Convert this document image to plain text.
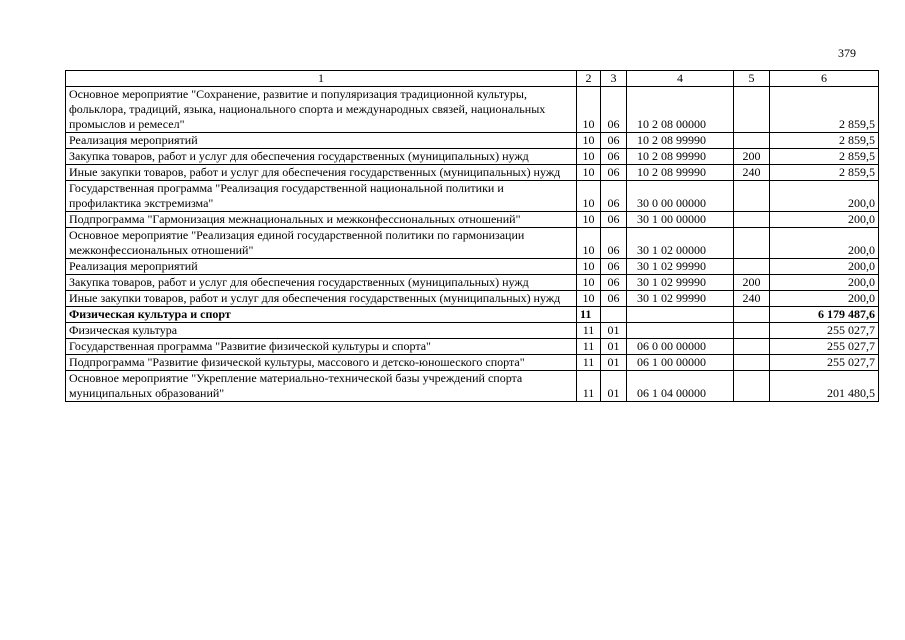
379
1	2	3	4	5	6
Основное мероприятие "Сохранение, развитие и популяризация традиционной культуры, фольклора, традиций, языка, национального спорта и международных связей, национальных промыслов и ремесел"	10	06	10 2 08 00000		2 859,5
Реализация мероприятий	10	06	10 2 08 99990		2 859,5
Закупка товаров, работ и услуг для обеспечения государственных (муниципальных) нужд	10	06	10 2 08 99990	200	2 859,5
Иные закупки товаров, работ и услуг для обеспечения государственных (муниципальных) нужд	10	06	10 2 08 99990	240	2 859,5
Государственная программа "Реализация государственной национальной политики и профилактика экстремизма"	10	06	30 0 00 00000		200,0
Подпрограмма "Гармонизация межнациональных и межконфессиональных отношений"	10	06	30 1 00 00000		200,0
Основное мероприятие "Реализация единой государственной политики по гармонизации межконфессиональных отношений"	10	06	30 1 02 00000		200,0
Реализация мероприятий	10	06	30 1 02 99990		200,0
Закупка товаров, работ и услуг для обеспечения государственных (муниципальных) нужд	10	06	30 1 02 99990	200	200,0
Иные закупки товаров, работ и услуг для обеспечения государственных (муниципальных) нужд	10	06	30 1 02 99990	240	200,0
Физическая культура и спорт	11				6 179 487,6
Физическая культура	11	01			255 027,7
Государственная программа "Развитие физической культуры и спорта"	11	01	06 0 00 00000		255 027,7
Подпрограмма "Развитие физической культуры, массового и детско-юношеского спорта"	11	01	06 1 00 00000		255 027,7
Основное мероприятие "Укрепление материально-технической базы учреждений спорта муниципальных образований"	11	01	06 1 04 00000		201 480,5
